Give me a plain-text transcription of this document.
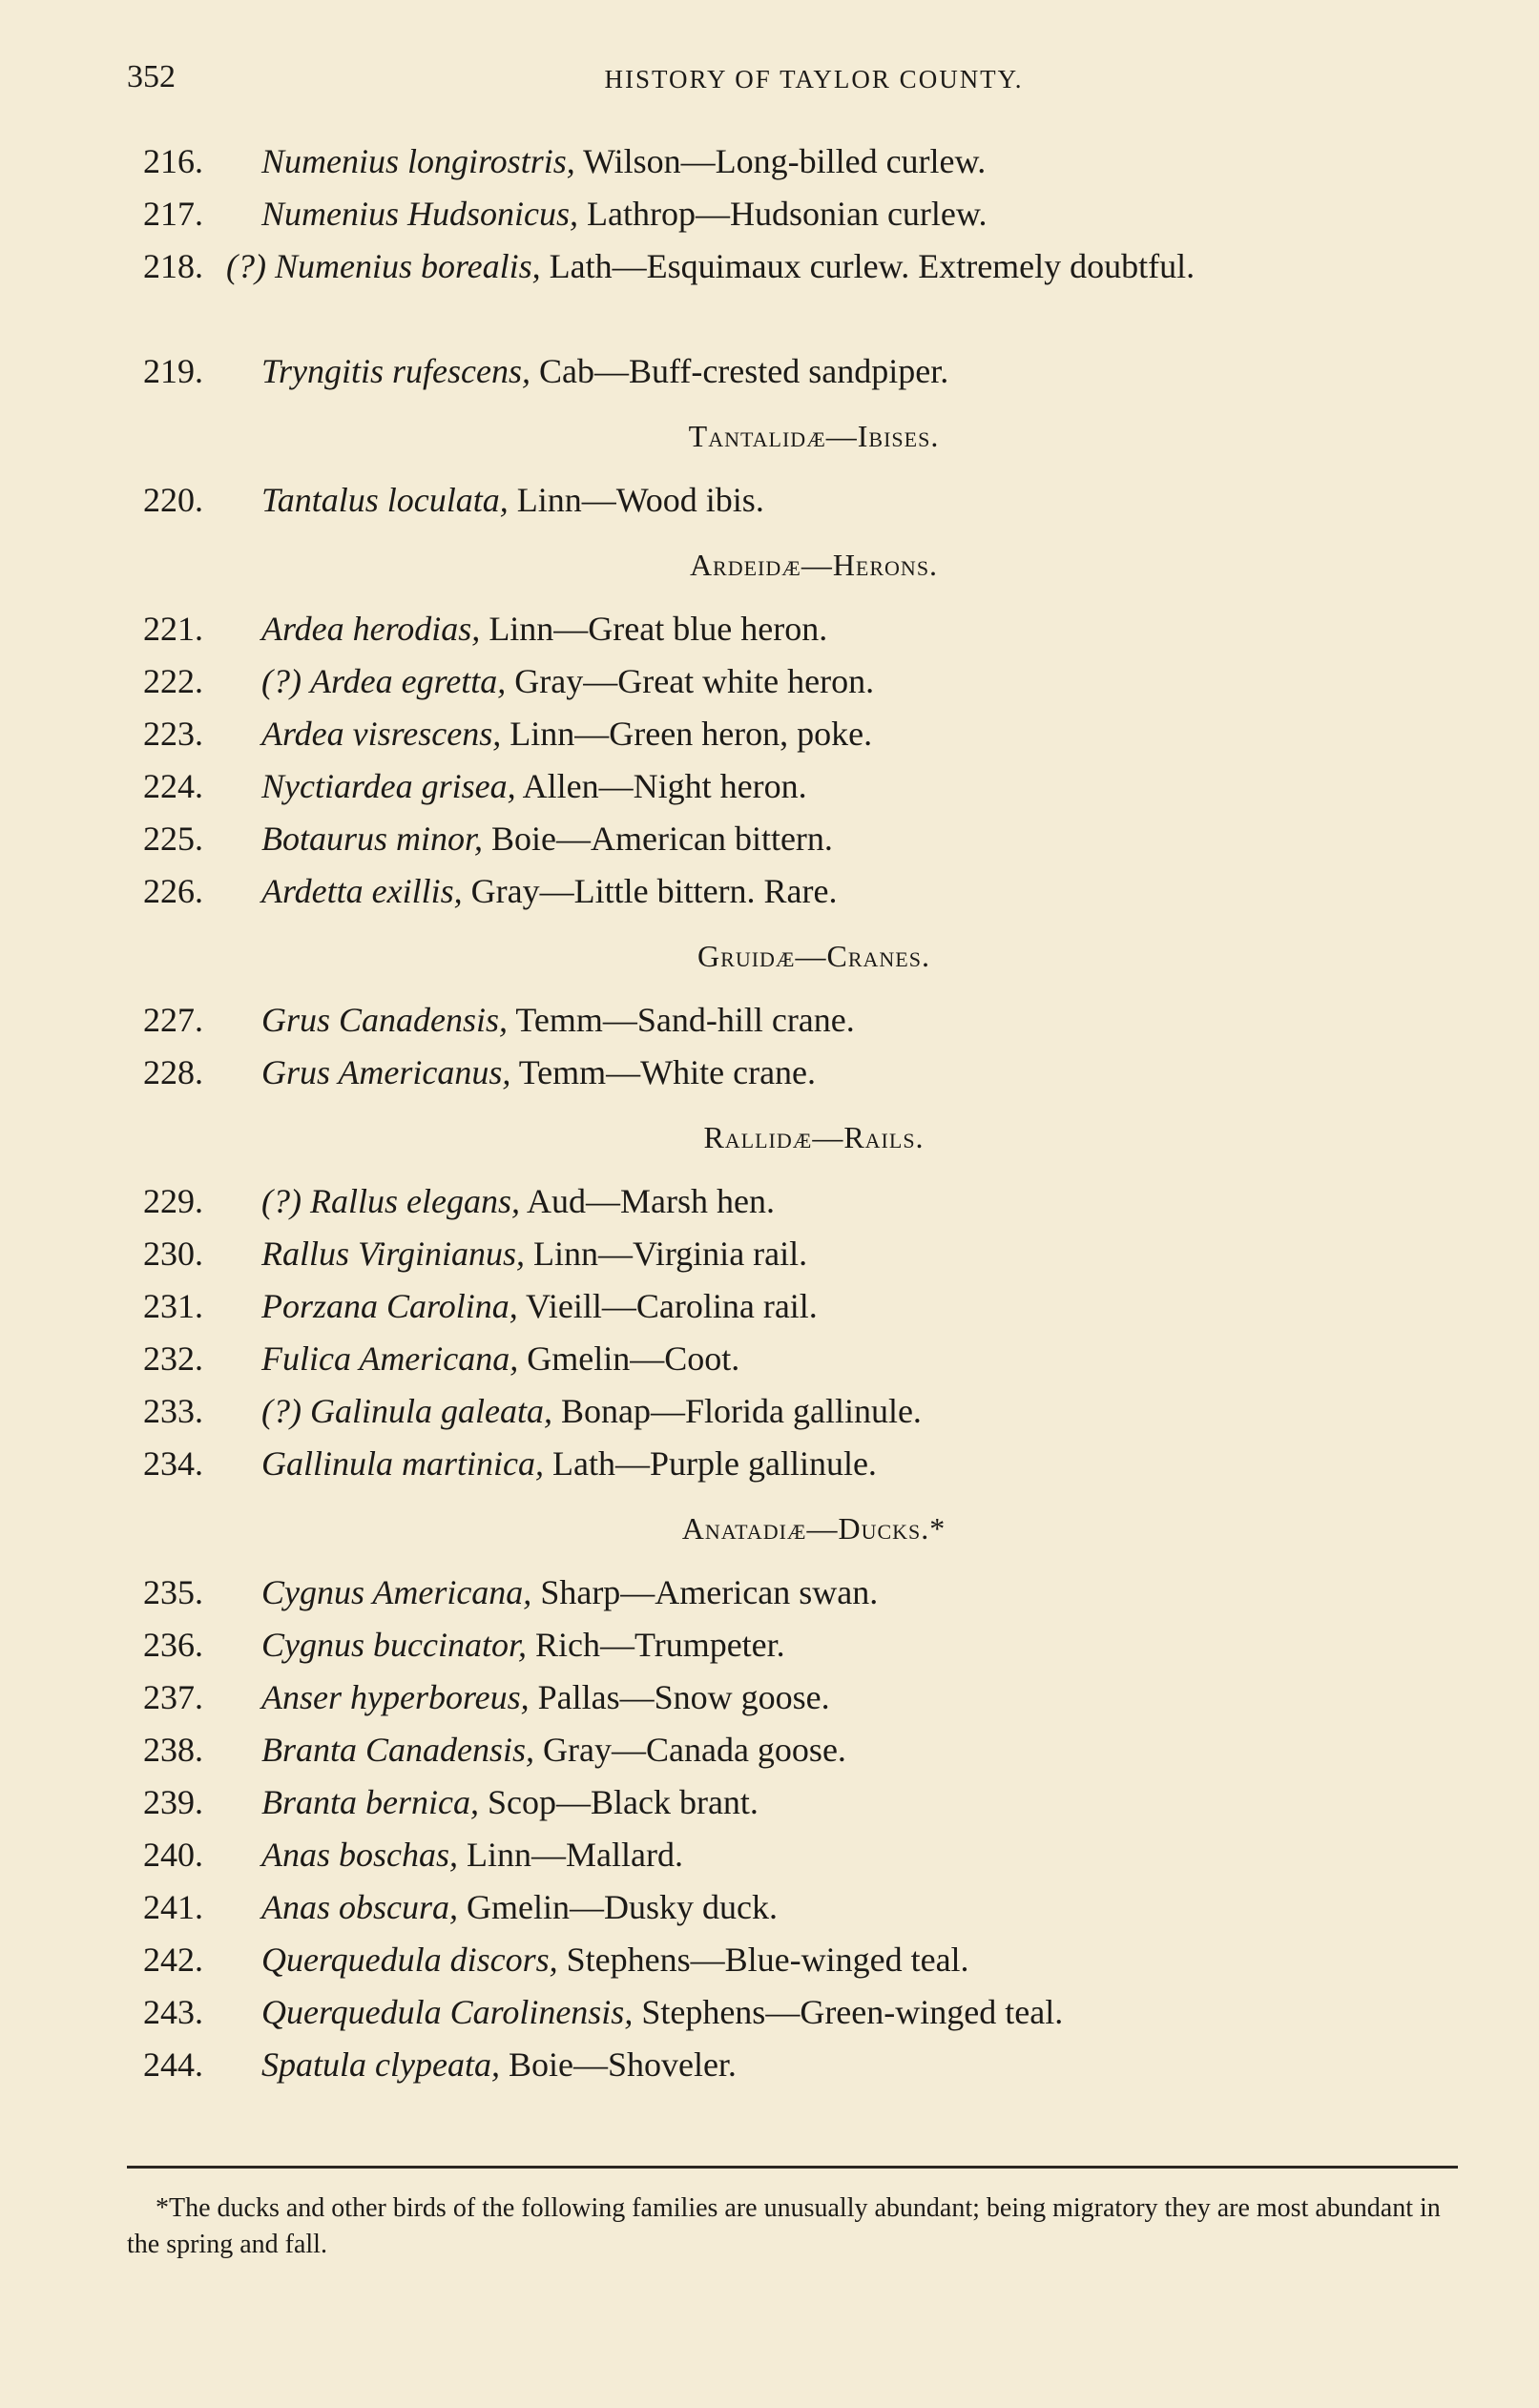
352	HISTORY OF TAYLOR COUNTY.
216. Numenius longirostris, Wilson—Long-billed curlew.
217. Numenius Hudsonicus, Lathrop—Hudsonian curlew.
218. (?) Numenius borealis, Lath—Esquimaux curlew. Extremely doubtful.
219. Tryngitis rufescens, Cab—Buff-crested sandpiper.
Tantalidæ—Ibises.
220. Tantalus loculata, Linn—Wood ibis.
Ardeidæ—Herons.
221. Ardea herodias, Linn—Great blue heron.
222. (?) Ardea egretta, Gray—Great white heron.
223. Ardea visrescens, Linn—Green heron, poke.
224. Nyctiardea grisea, Allen—Night heron.
225. Botaurus minor, Boie—American bittern.
226. Ardetta exillis, Gray—Little bittern. Rare.
Gruidæ—Cranes.
227. Grus Canadensis, Temm—Sand-hill crane.
228. Grus Americanus, Temm—White crane.
Rallidæ—Rails.
229. (?) Rallus elegans, Aud—Marsh hen.
230. Rallus Virginianus, Linn—Virginia rail.
231. Porzana Carolina, Vieill—Carolina rail.
232. Fulica Americana, Gmelin—Coot.
233. (?) Galinula galeata, Bonap—Florida gallinule.
234. Gallinula martinica, Lath—Purple gallinule.
Anatadiæ—Ducks.*
235. Cygnus Americana, Sharp—American swan.
236. Cygnus buccinator, Rich—Trumpeter.
237. Anser hyperboreus, Pallas—Snow goose.
238. Branta Canadensis, Gray—Canada goose.
239. Branta bernica, Scop—Black brant.
240. Anas boschas, Linn—Mallard.
241. Anas obscura, Gmelin—Dusky duck.
242. Querquedula discors, Stephens—Blue-winged teal.
243. Querquedula Carolinensis, Stephens—Green-winged teal.
244. Spatula clypeata, Boie—Shoveler.
*The ducks and other birds of the following families are unusually abundant; being migratory they are most abundant in the spring and fall.
